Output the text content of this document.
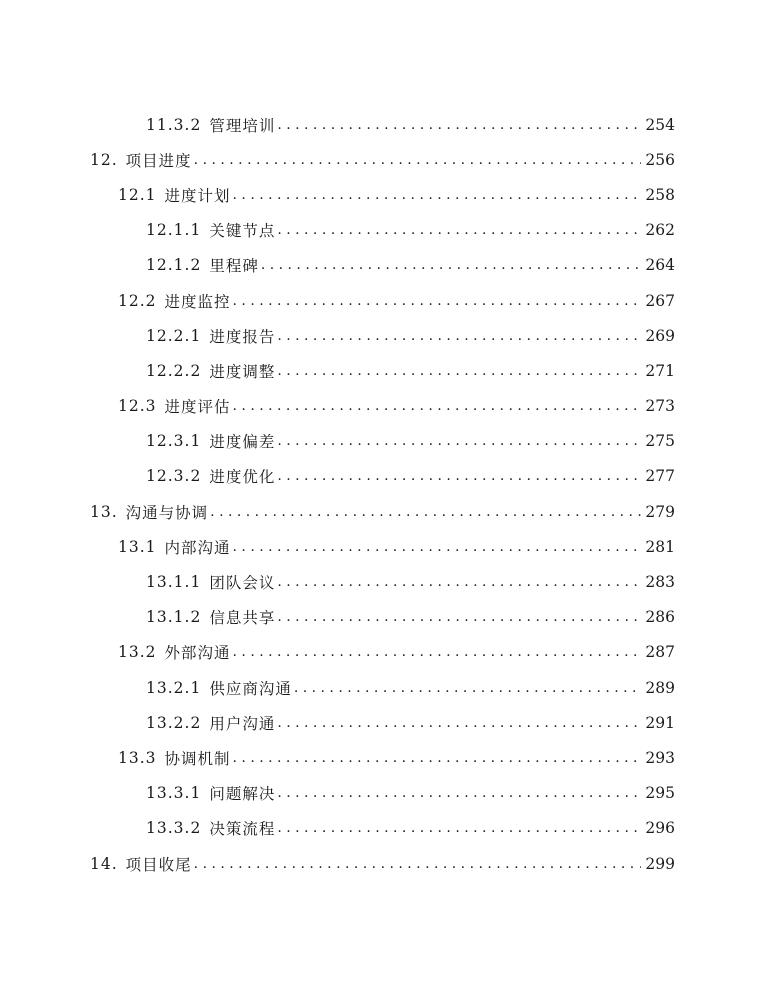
11.3.2 管理培训 . . .	254
12. 项目进度 . . .	256
12.1 进度计划 . . .	258
12.1.1 关键节点 . . .	262
12.1.2 里程碑 . . .	264
12.2 进度监控 . . .	267
12.2.1 进度报告 . . .	269
12.2.2 进度调整 . . .	271
12.3 进度评估 . . .	273
12.3.1 进度偏差 . . .	275
12.3.2 进度优化 . . .	277
13. 沟通与协调 . . .	279
13.1 内部沟通 . . .	281
13.1.1 团队会议 . . .	283
13.1.2 信息共享 . . .	286
13.2 外部沟通 . . .	287
13.2.1 供应商沟通 . . .	289
13.2.2 用户沟通 . . .	291
13.3 协调机制 . . .	293
13.3.1 问题解决 . . .	295
13.3.2 决策流程 . . .	296
14. 项目收尾 . . .	299
